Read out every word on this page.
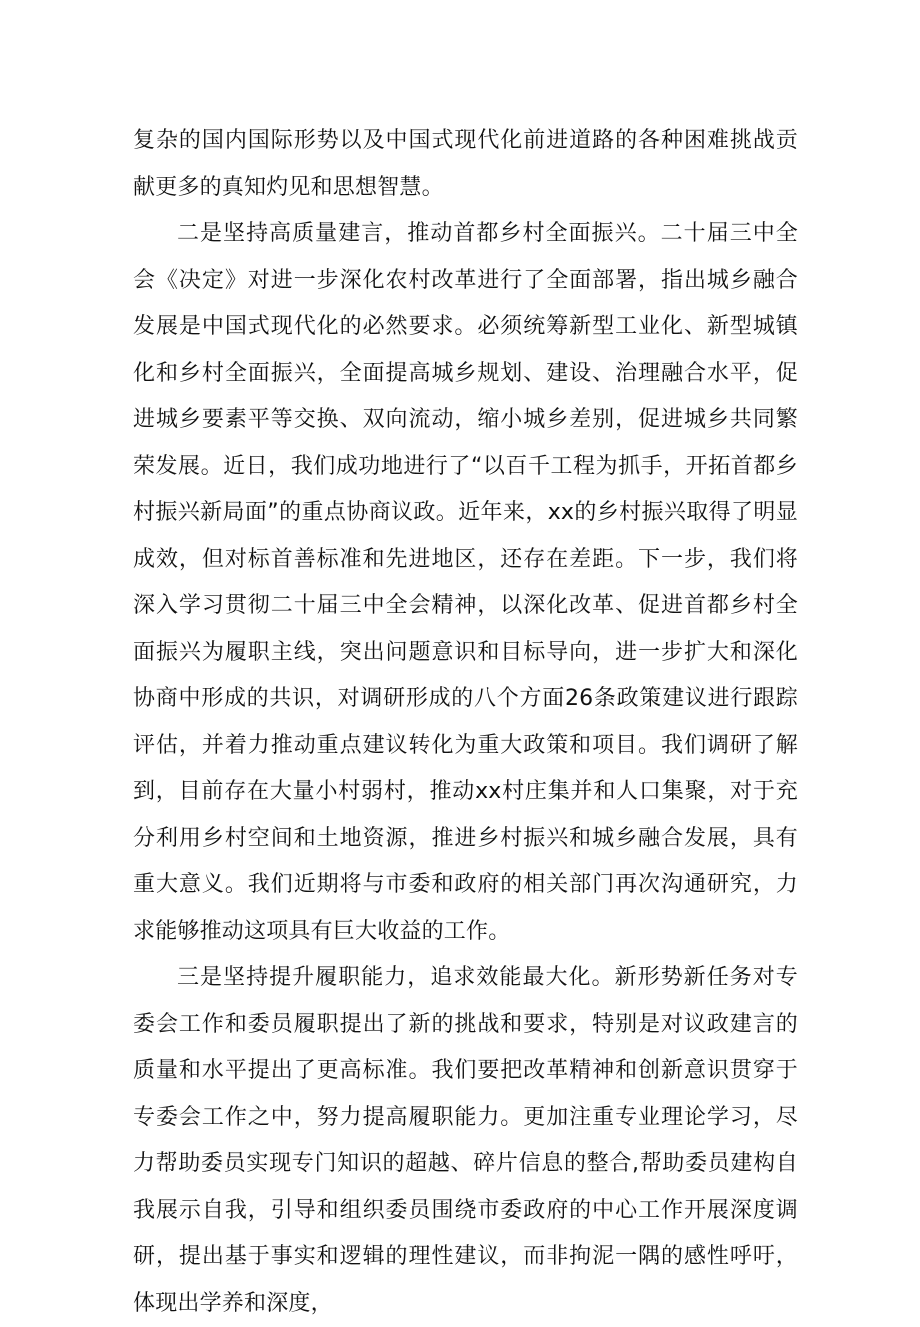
复杂的国内国际形势以及中国式现代化前进道路的各种困难挑战贡献更多的真知灼见和思想智慧。

二是坚持高质量建言，推动首都乡村全面振兴。二十届三中全会《决定》对进一步深化农村改革进行了全面部署，指出城乡融合发展是中国式现代化的必然要求。必须统筹新型工业化、新型城镇化和乡村全面振兴，全面提高城乡规划、建设、治理融合水平，促进城乡要素平等交换、双向流动，缩小城乡差别，促进城乡共同繁荣发展。近日，我们成功地进行了“以百千工程为抓手，开拓首都乡村振兴新局面”的重点协商议政。近年来，xx的乡村振兴取得了明显成效，但对标首善标准和先进地区，还存在差距。下一步，我们将深入学习贯彻二十届三中全会精神，以深化改革、促进首都乡村全面振兴为履职主线，突出问题意识和目标导向，进一步扩大和深化协商中形成的共识，对调研形成的八个方面26条政策建议进行跟踪评估，并着力推动重点建议转化为重大政策和项目。我们调研了解到，目前存在大量小村弱村，推动xx村庄集并和人口集聚，对于充分利用乡村空间和土地资源，推进乡村振兴和城乡融合发展，具有重大意义。我们近期将与市委和政府的相关部门再次沟通研究，力求能够推动这项具有巨大收益的工作。

三是坚持提升履职能力，追求效能最大化。新形势新任务对专委会工作和委员履职提出了新的挑战和要求，特别是对议政建言的质量和水平提出了更高标准。我们要把改革精神和创新意识贯穿于专委会工作之中，努力提高履职能力。更加注重专业理论学习，尽力帮助委员实现专门知识的超越、碎片信息的整合,帮助委员建构自我展示自我，引导和组织委员围绕市委政府的中心工作开展深度调研，提出基于事实和逻辑的理性建议，而非拘泥一隅的感性呼吁，体现出学养和深度，
